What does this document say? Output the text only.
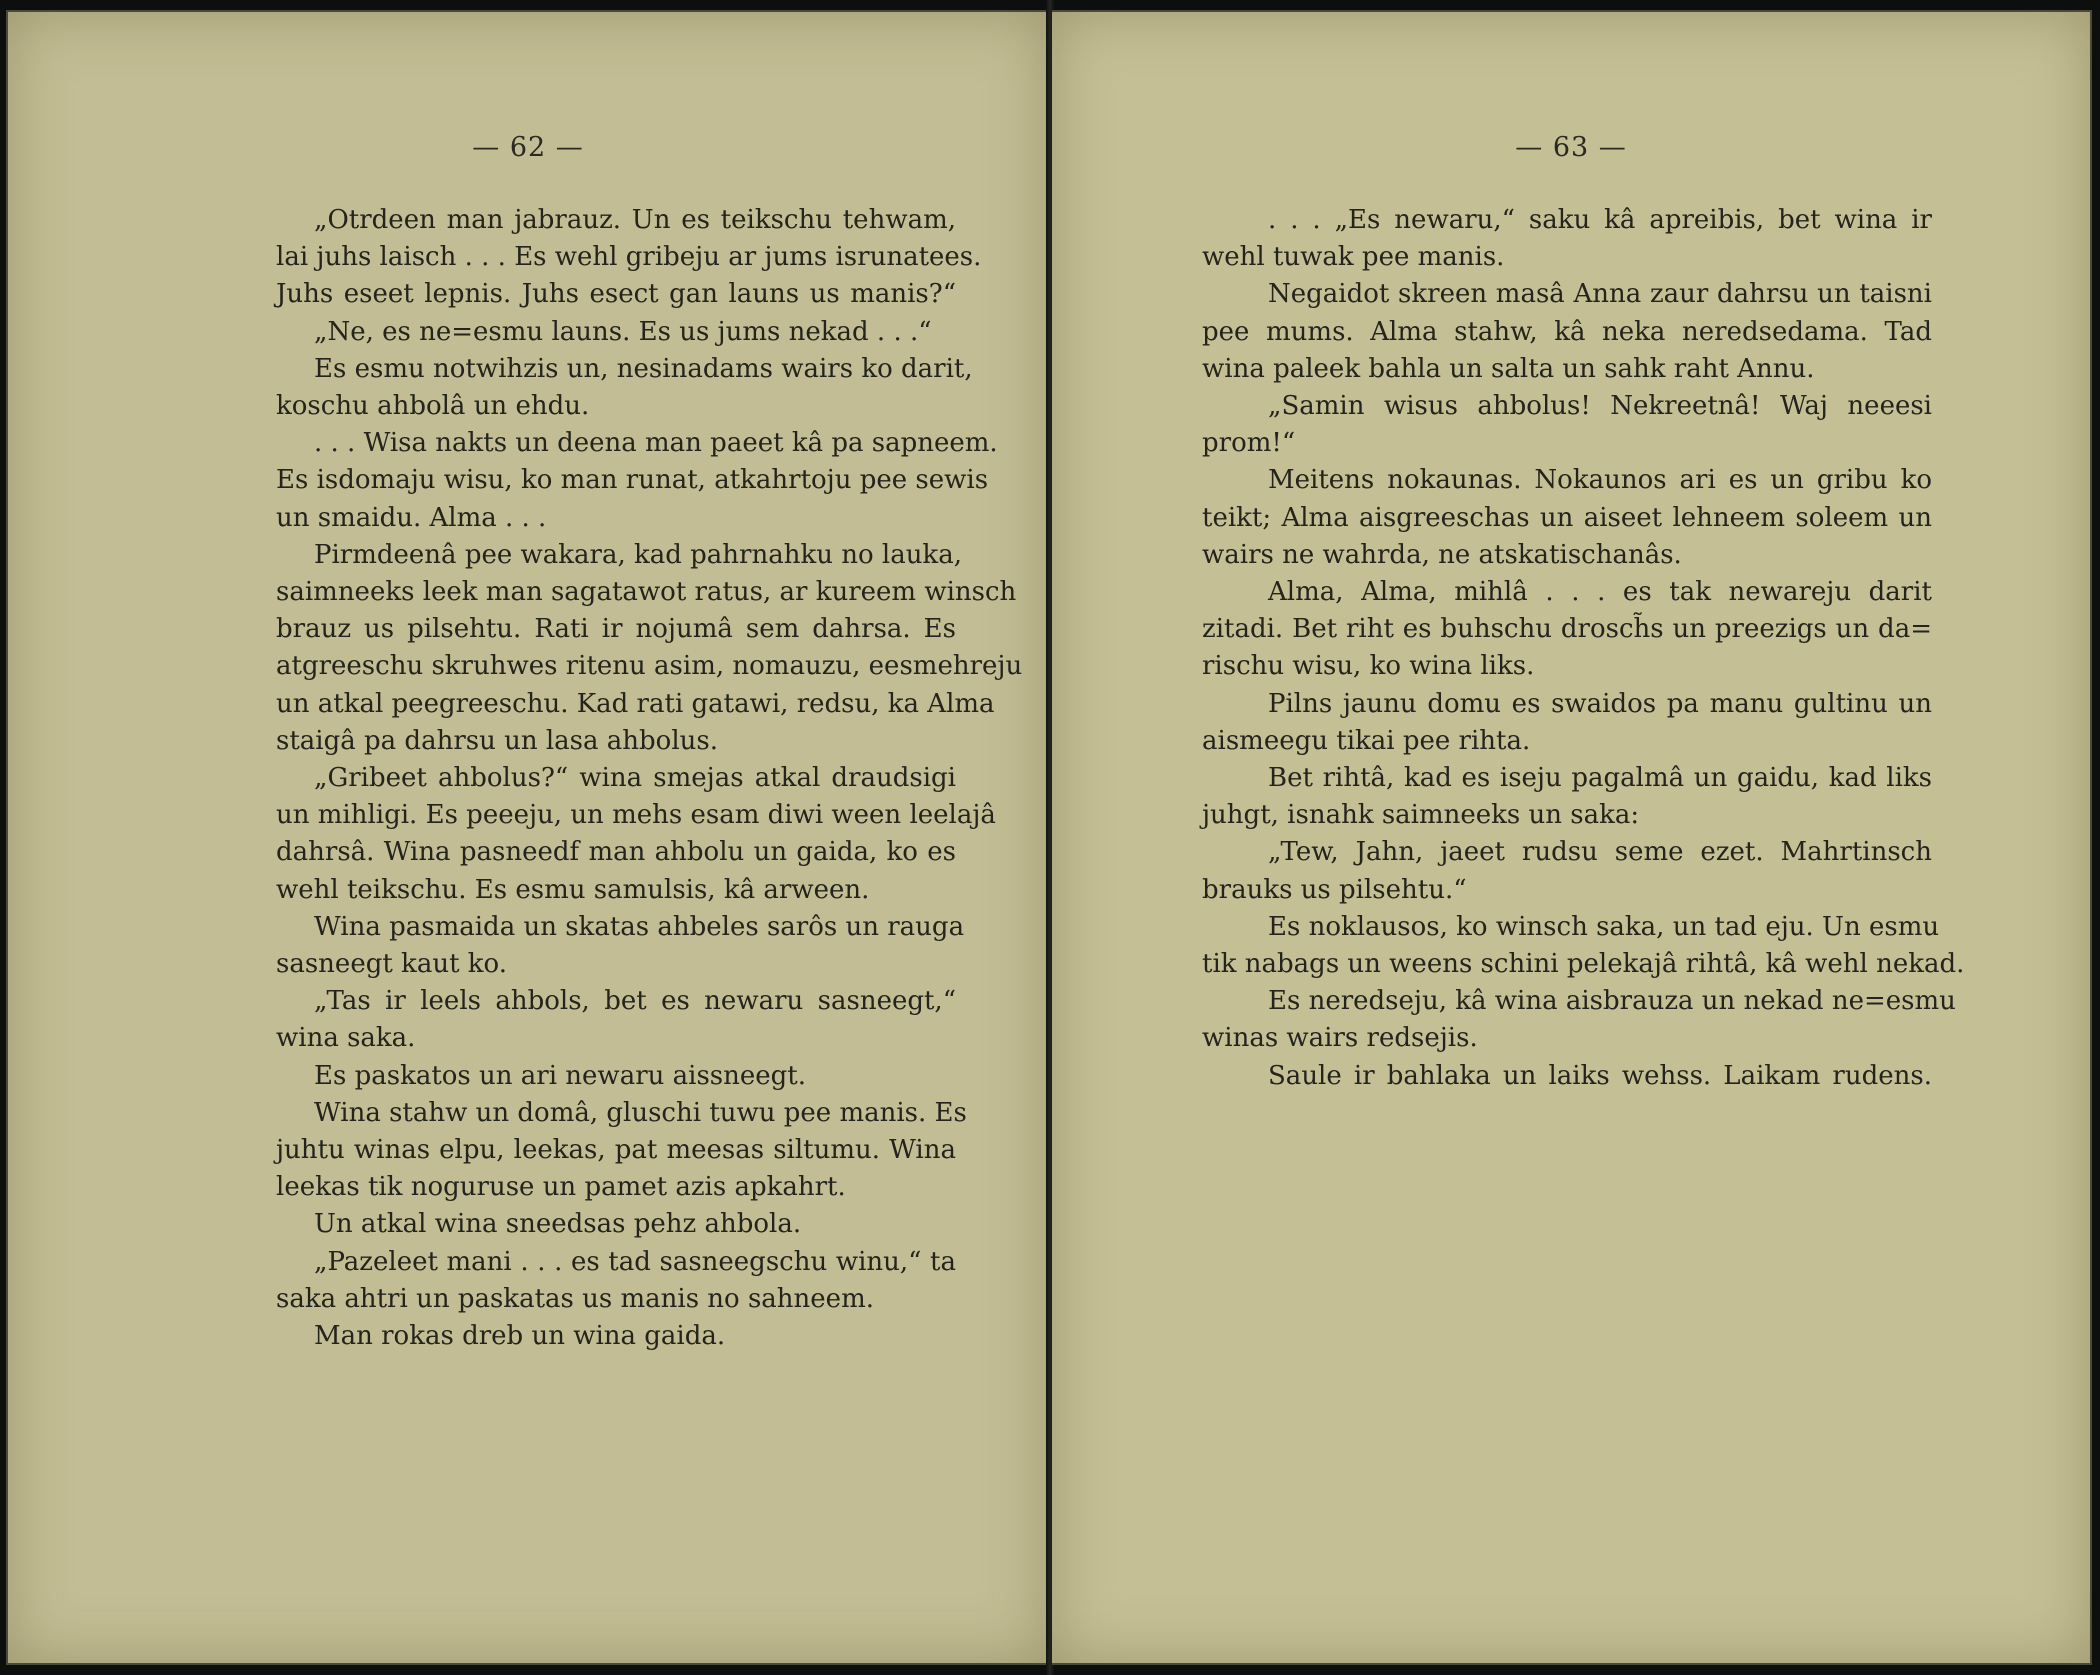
— 62 —
„Otrdeen man jabrauz. Un es teikschu tehwam,
lai juhs laisch . . . Es wehl gribeju ar jums isrunatees.
Juhs eseet lepnis. Juhs esect gan launs us manis?“
„Ne, es ne=esmu launs. Es us jums nekad . . .“
Es esmu notwihzis un, nesinadams wairs ko darit,
koschu ahbolâ un ehdu.
. . . Wisa nakts un deena man paeet kâ pa sapneem.
Es isdomaju wisu, ko man runat, atkahrtoju pee sewis
un smaidu. Alma . . .
Pirmdeenâ pee wakara, kad pahrnahku no lauka,
saimneeks leek man sagatawot ratus, ar kureem winsch
brauz us pilsehtu. Rati ir nojumâ sem dahrsa. Es
atgreeschu skruhwes ritenu asim, nomauzu, eesmehreju
un atkal peegreeschu. Kad rati gatawi, redsu, ka Alma
staigâ pa dahrsu un lasa ahbolus.
„Gribeet ahbolus?“ wina smejas atkal draudsigi
un mihligi. Es peeeju, un mehs esam diwi ween leelajâ
dahrsâ. Wina pasneedf man ahbolu un gaida, ko es
wehl teikschu. Es esmu samulsis, kâ arween.
Wina pasmaida un skatas ahbeles sarôs un rauga
sasneegt kaut ko.
„Tas ir leels ahbols, bet es newaru sasneegt,“
wina saka.
Es paskatos un ari newaru aissneegt.
Wina stahw un domâ, gluschi tuwu pee manis. Es
juhtu winas elpu, leekas, pat meesas siltumu. Wina
leekas tik noguruse un pamet azis apkahrt.
Un atkal wina sneedsas pehz ahbola.
„Pazeleet mani . . . es tad sasneegschu winu,“ ta
saka ahtri un paskatas us manis no sahneem.
Man rokas dreb un wina gaida.
— 63 —
. . . „Es newaru,“ saku kâ apreibis, bet wina ir
wehl tuwak pee manis.
Negaidot skreen masâ Anna zaur dahrsu un taisni
pee mums. Alma stahw, kâ neka neredsedama. Tad
wina paleek bahla un salta un sahk raht Annu.
„Samin wisus ahbolus! Nekreetnâ! Waj neeesi
prom!“
Meitens nokaunas. Nokaunos ari es un gribu ko
teikt; Alma aisgreeschas un aiseet lehneem soleem un
wairs ne wahrda, ne atskatischanâs.
Alma, Alma, mihlâ . . . es tak newareju darit
zitadi. Bet riht es buhschu drosch̃s un preezigs un da=
rischu wisu, ko wina liks.
Pilns jaunu domu es swaidos pa manu gultinu un
aismeegu tikai pee rihta.
Bet rihtâ, kad es iseju pagalmâ un gaidu, kad liks
juhgt, isnahk saimneeks un saka:
„Tew, Jahn, jaeet rudsu seme ezet. Mahrtinsch
brauks us pilsehtu.“
Es noklausos, ko winsch saka, un tad eju. Un esmu
tik nabags un weens schini pelekajâ rihtâ, kâ wehl nekad.
Es neredseju, kâ wina aisbrauza un nekad ne=esmu
winas wairs redsejis.
Saule ir bahlaka un laiks wehss. Laikam rudens.
